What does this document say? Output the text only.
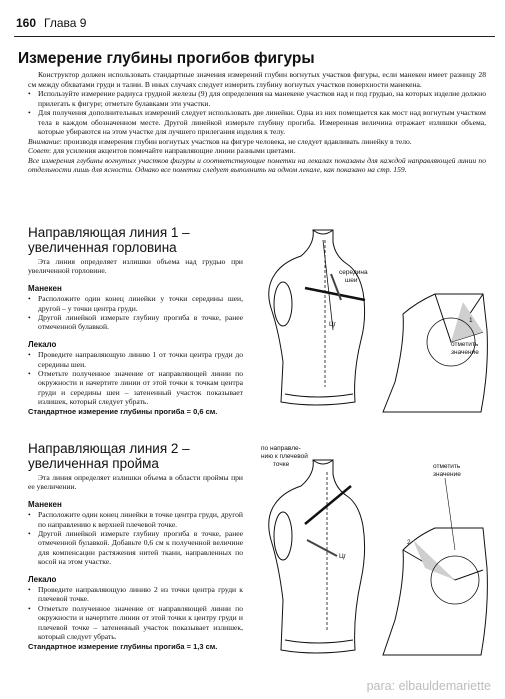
160 Глава 9
Измерение глубины прогибов фигуры

Конструктор должен использовать стандартные значения измерений глубин вогнутых участков фигуры, если манекен имеет разницу 28 см между обхватами груди и талии. В иных случаях следует измерить глубину вогнутых участков поверхности манекена.

• Используйте измерение радиуса грудной железы (9) для определения на манекене участков над и под грудью, на которых изделие должно прилегать к фигуре; отметьте булавками эти участки.

• Для получения дополнительных измерений следует использовать две линейки. Одна из них помещается как мост над вогнутым участком тела в каждом обозначенном месте. Другой линейкой измерьте глубину прогиба. Измеренная величина отражает излишки объема, которые убираются на этом участке для лучшего прилегания изделия к телу.

Внимание: производя измерения глубин вогнутых участков на фигуре человека, не следует вдавливать линейку в тело.

Совет: для усиления акцентов помечайте направляющие линии разными цветами.

Все измерения глубины вогнутых участков фигуры и соответствующие пометки на лекалах показаны для каждой направляющей линии по отдельности лишь для ясности. Однако все пометки следует выполнить на одном лекале, как показано на стр. 159.

Направляющая линия 1 –
увеличенная горловина

Эта линия определяет излишки объема над грудью при увеличенной горловине.

Манекен

• Расположите один конец линейки у точки середины шеи, другой – у точки центра груди.

• Другой линейкой измерьте глубину прогиба в точке, ранее отмеченной булавкой.

Лекало

• Проведите направляющую линию 1 от точки центра груди до середины шеи.

• Отметьте полученное значение от направляющей линии по окружности и начертите линии от этой точки к точкам центра груди и середины шеи – затененный участок показывает излишек, который следует убрать.

Стандартное измерение глубины прогиба = 0,6 см.

Направляющая линия 2 –
увеличенная пройма

Эта линия определяет излишки объема в области проймы при ее увеличении.

Манекен

• Расположите один конец линейки в точке центра груди, другой по направлению к верхней плечевой точке.

• Другой линейкой измерьте глубину прогиба в точке, ранее отмеченной булавкой. Добавьте 0,6 см к полученной величине для компенсации растяжения нитей ткани, направленных по косой на этом участке.

Лекало

• Проведите направляющую линию 2 из точки центра груди к плечевой точке.

• Отметьте полученное значение от направляющей линии по окружности и начертите линии от этой точки к центру груди и плечевой точке – затененный участок показывает излишек, который следует убрать.

Стандартное измерение глубины прогиба = 1,3 см.

середина
шеи
Цг
отметить
значение
1
по направле-
нию к плечевой
точке
Цг
отметить
значение
2
para: elbauldemariette
